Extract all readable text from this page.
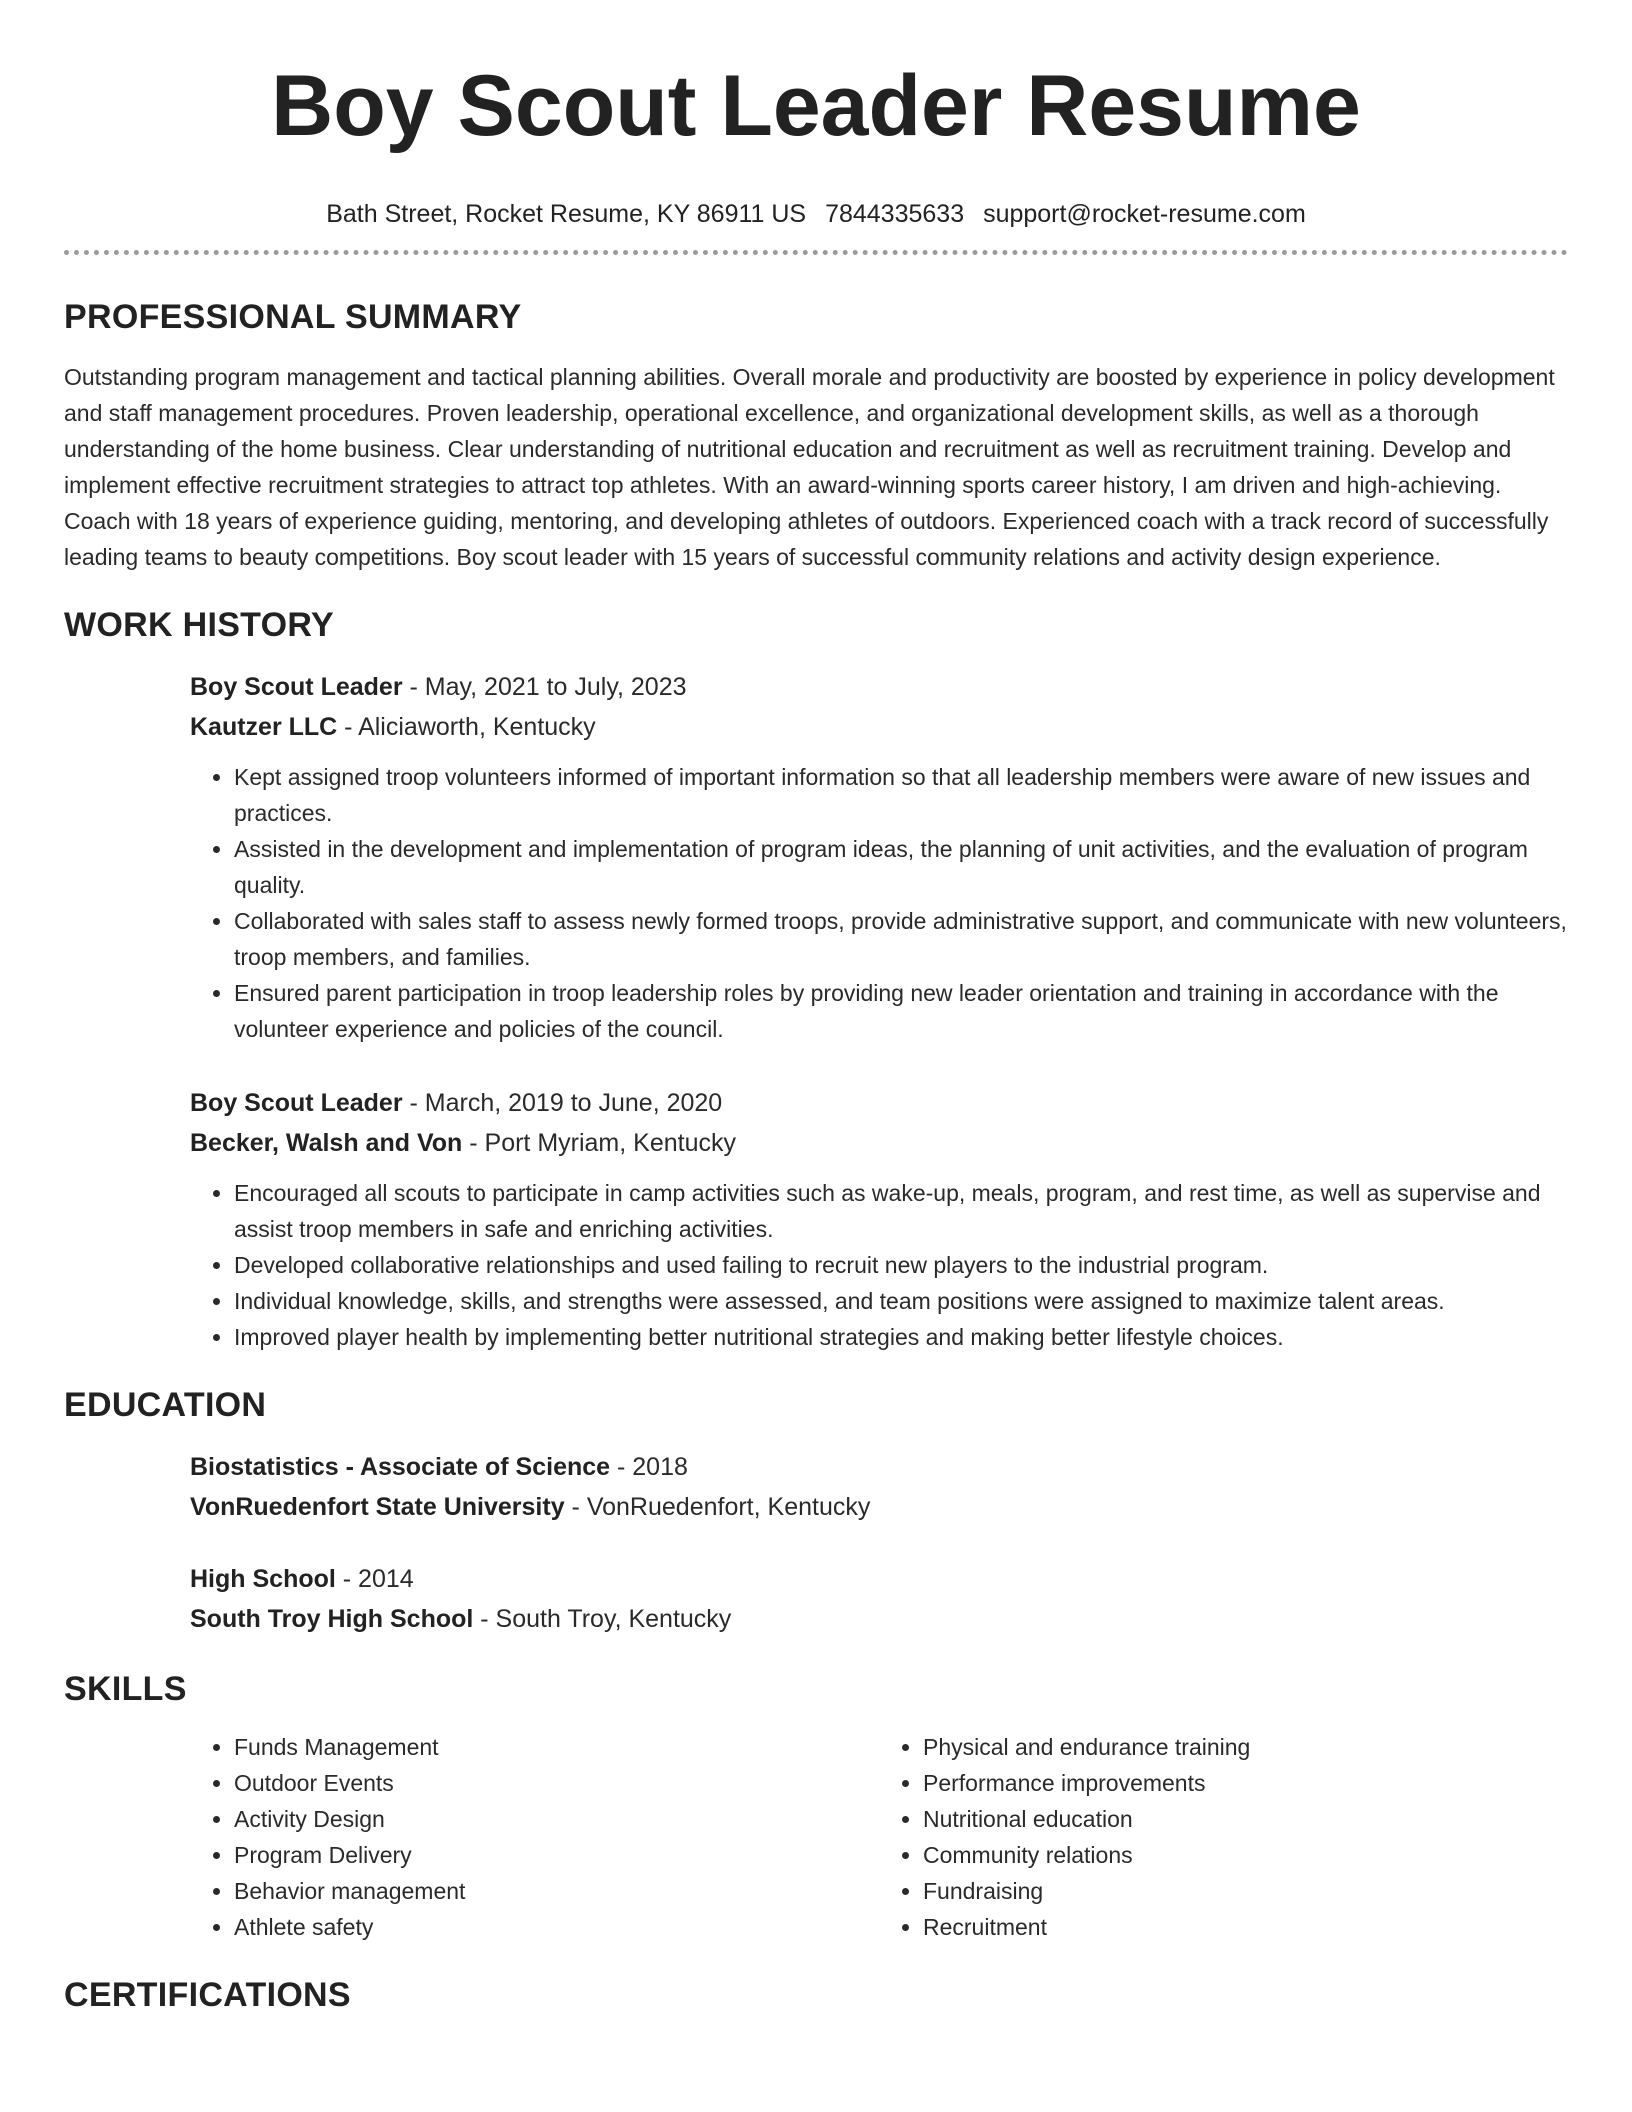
Boy Scout Leader Resume
Bath Street, Rocket Resume, KY 86911 US 7844335633 support@rocket-resume.com
PROFESSIONAL SUMMARY

Outstanding program management and tactical planning abilities. Overall morale and productivity are boosted by experience in policy development and staff management procedures. Proven leadership, operational excellence, and organizational development skills, as well as a thorough understanding of the home business. Clear understanding of nutritional education and recruitment as well as recruitment training. Develop and implement effective recruitment strategies to attract top athletes. With an award-winning sports career history, I am driven and high-achieving. Coach with 18 years of experience guiding, mentoring, and developing athletes of outdoors. Experienced coach with a track record of successfully leading teams to beauty competitions. Boy scout leader with 15 years of successful community relations and activity design experience.

WORK HISTORY
Boy Scout Leader - May, 2021 to July, 2023
Kautzer LLC - Aliciaworth, Kentucky
• Kept assigned troop volunteers informed of important information so that all leadership members were aware of new issues and practices.
• Assisted in the development and implementation of program ideas, the planning of unit activities, and the evaluation of program quality.
• Collaborated with sales staff to assess newly formed troops, provide administrative support, and communicate with new volunteers, troop members, and families.
• Ensured parent participation in troop leadership roles by providing new leader orientation and training in accordance with the volunteer experience and policies of the council.
Boy Scout Leader - March, 2019 to June, 2020
Becker, Walsh and Von - Port Myriam, Kentucky
• Encouraged all scouts to participate in camp activities such as wake-up, meals, program, and rest time, as well as supervise and assist troop members in safe and enriching activities.
• Developed collaborative relationships and used failing to recruit new players to the industrial program.
• Individual knowledge, skills, and strengths were assessed, and team positions were assigned to maximize talent areas.
• Improved player health by implementing better nutritional strategies and making better lifestyle choices.
EDUCATION
Biostatistics - Associate of Science - 2018
VonRuedenfort State University - VonRuedenfort, Kentucky
High School - 2014
South Troy High School - South Troy, Kentucky
SKILLS
• Funds Management
• Outdoor Events
• Activity Design
• Program Delivery
• Behavior management
• Athlete safety
• Physical and endurance training
• Performance improvements
• Nutritional education
• Community relations
• Fundraising
• Recruitment
CERTIFICATIONS
